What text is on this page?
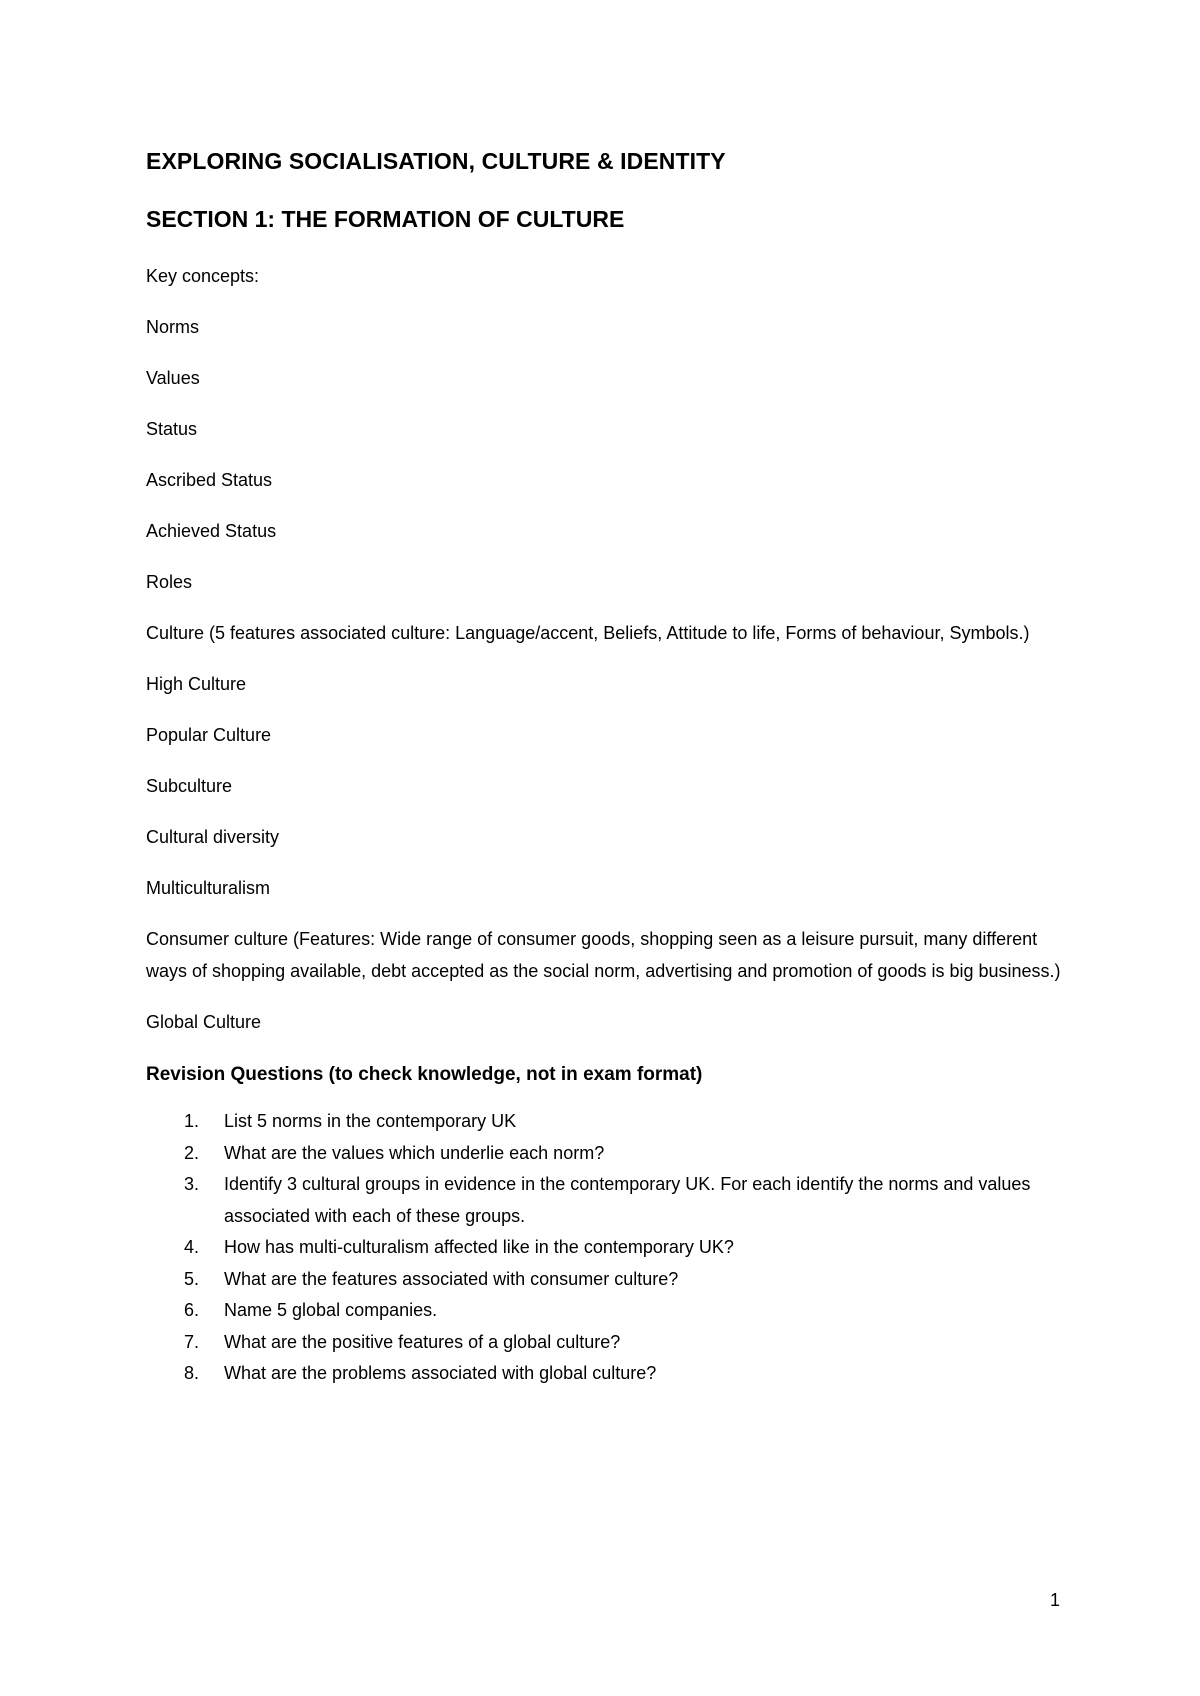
EXPLORING SOCIALISATION, CULTURE & IDENTITY
SECTION 1: THE FORMATION OF CULTURE

Key concepts:

Norms

Values

Status

Ascribed Status

Achieved Status

Roles

Culture (5 features associated culture: Language/accent, Beliefs, Attitude to life, Forms of behaviour, Symbols.)

High Culture

Popular Culture

Subculture

Cultural diversity

Multiculturalism

Consumer culture (Features: Wide range of consumer goods, shopping seen as a leisure pursuit, many different ways of shopping available, debt accepted as the social norm, advertising and promotion of goods is big business.)

Global Culture

Revision Questions (to check knowledge, not in exam format)
1.	List 5 norms in the contemporary UK
2.	What are the values which underlie each norm?
3.	Identify 3 cultural groups in evidence in the contemporary UK. For each identify the norms and values associated with each of these groups.
4.	How has multi-culturalism affected like in the contemporary UK?
5.	What are the features associated with consumer culture?
6.	Name 5 global companies.
7.	What are the positive features of a global culture?
8.	What are the problems associated with global culture?
1
